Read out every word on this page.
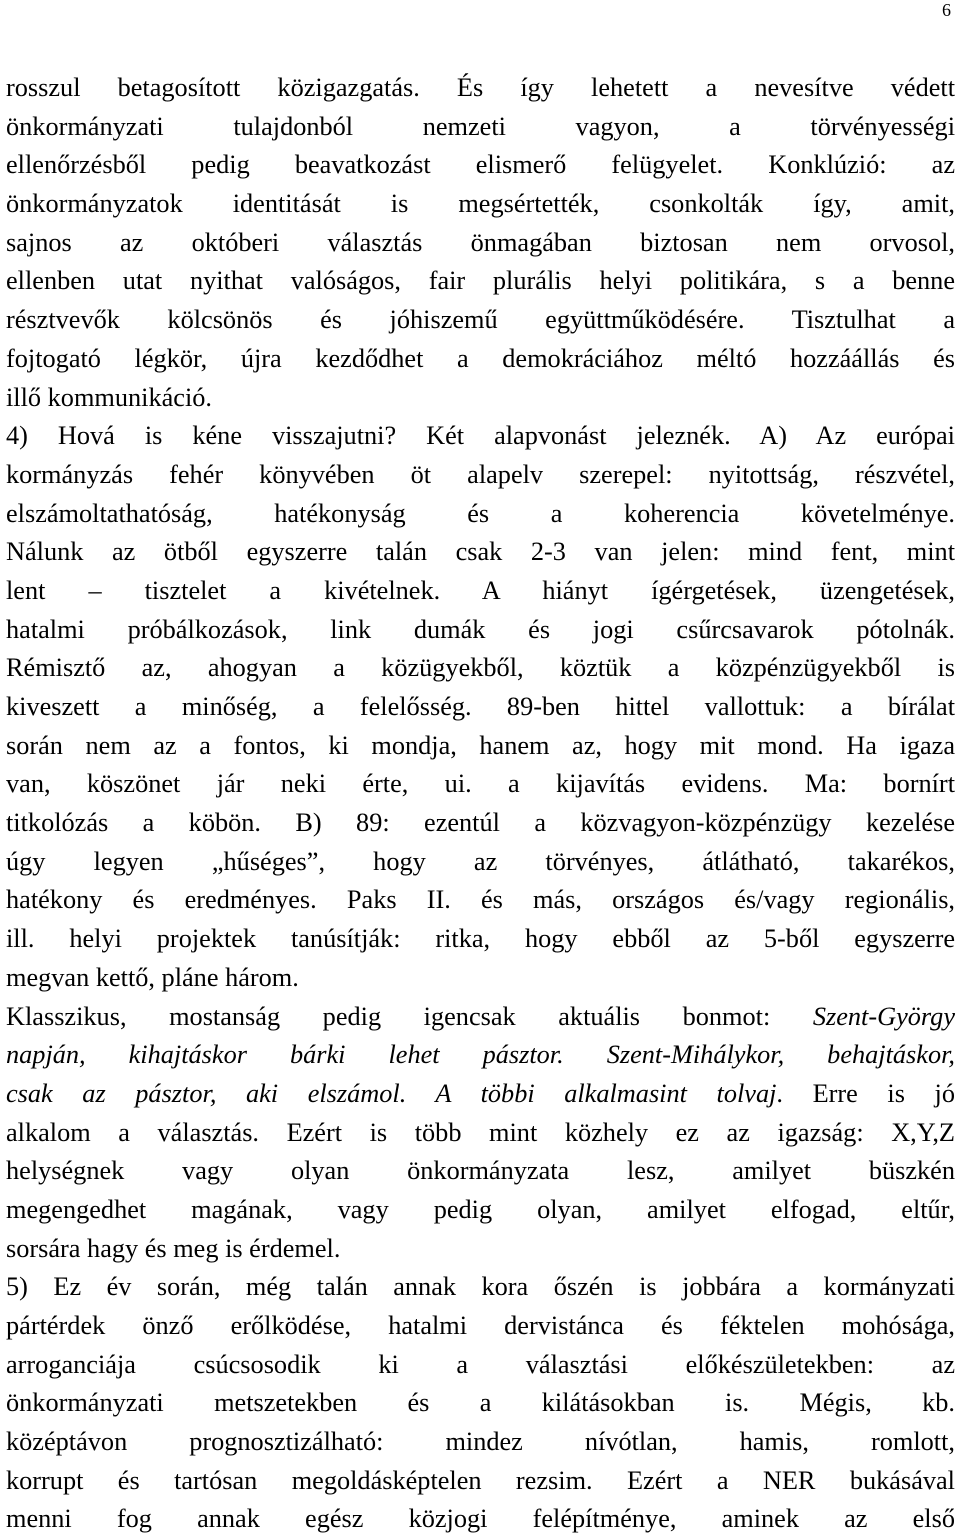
6
rosszul betagosított közigazgatás. És így lehetett a nevesítve védett
önkormányzati tulajdonból nemzeti vagyon, a törvényességi
ellenőrzésből pedig beavatkozást elismerő felügyelet. Konklúzió: az
önkormányzatok identitását is megsértették, csonkolták így, amit,
sajnos az októberi választás önmagában biztosan nem orvosol,
ellenben utat nyithat valóságos, fair plurális helyi politikára, s a benne
résztvevők kölcsönös és jóhiszemű együttműködésére. Tisztulhat a
fojtogató légkör, újra kezdődhet a demokráciához méltó hozzáállás és
illő kommunikáció.
4) Hová is kéne visszajutni? Két alapvonást jeleznék. A) Az európai
kormányzás fehér könyvében öt alapelv szerepel: nyitottság, részvétel,
elszámoltathatóság, hatékonyság és a koherencia követelménye.
Nálunk az ötből egyszerre talán csak 2-3 van jelen: mind fent, mint
lent – tisztelet a kivételnek. A hiányt ígérgetések, üzengetések,
hatalmi próbálkozások, link dumák és jogi csűrcsavarok pótolnák.
Rémisztő az, ahogyan a közügyekből, köztük a közpénzügyekből is
kiveszett a minőség, a felelősség. 89-ben hittel vallottuk: a bírálat
során nem az a fontos, ki mondja, hanem az, hogy mit mond. Ha igaza
van, köszönet jár neki érte, ui. a kijavítás evidens. Ma: bornírt
titkolózás a köbön. B) 89: ezentúl a közvagyon-közpénzügy kezelése
úgy legyen „hűséges”, hogy az törvényes, átlátható, takarékos,
hatékony és eredményes. Paks II. és más, országos és/vagy regionális,
ill. helyi projektek tanúsítják: ritka, hogy ebből az 5-ből egyszerre
megvan kettő, pláne három.
Klasszikus, mostanság pedig igencsak aktuális bonmot: Szent-György
napján, kihajtáskor bárki lehet pásztor. Szent-Mihálykor, behajtáskor,
csak az pásztor, aki elszámol. A többi alkalmasint tolvaj. Erre is jó
alkalom a választás. Ezért is több mint közhely ez az igazság: X,Y,Z
helységnek vagy olyan önkormányzata lesz, amilyet büszkén
megengedhet magának, vagy pedig olyan, amilyet elfogad, eltűr,
sorsára hagy és meg is érdemel.
5) Ez év során, még talán annak kora őszén is jobbára a kormányzati
pártérdek önző erőlködése, hatalmi dervistánca és féktelen mohósága,
arroganciája csúcsosodik ki a választási előkészületekben: az
önkormányzati metszetekben és a kilátásokban is. Mégis, kb.
középtávon prognosztizálható: mindez nívótlan, hamis, romlott,
korrupt és tartósan megoldásképtelen rezsim. Ezért a NER bukásával
menni fog annak egész közjogi felépítménye, aminek az első
